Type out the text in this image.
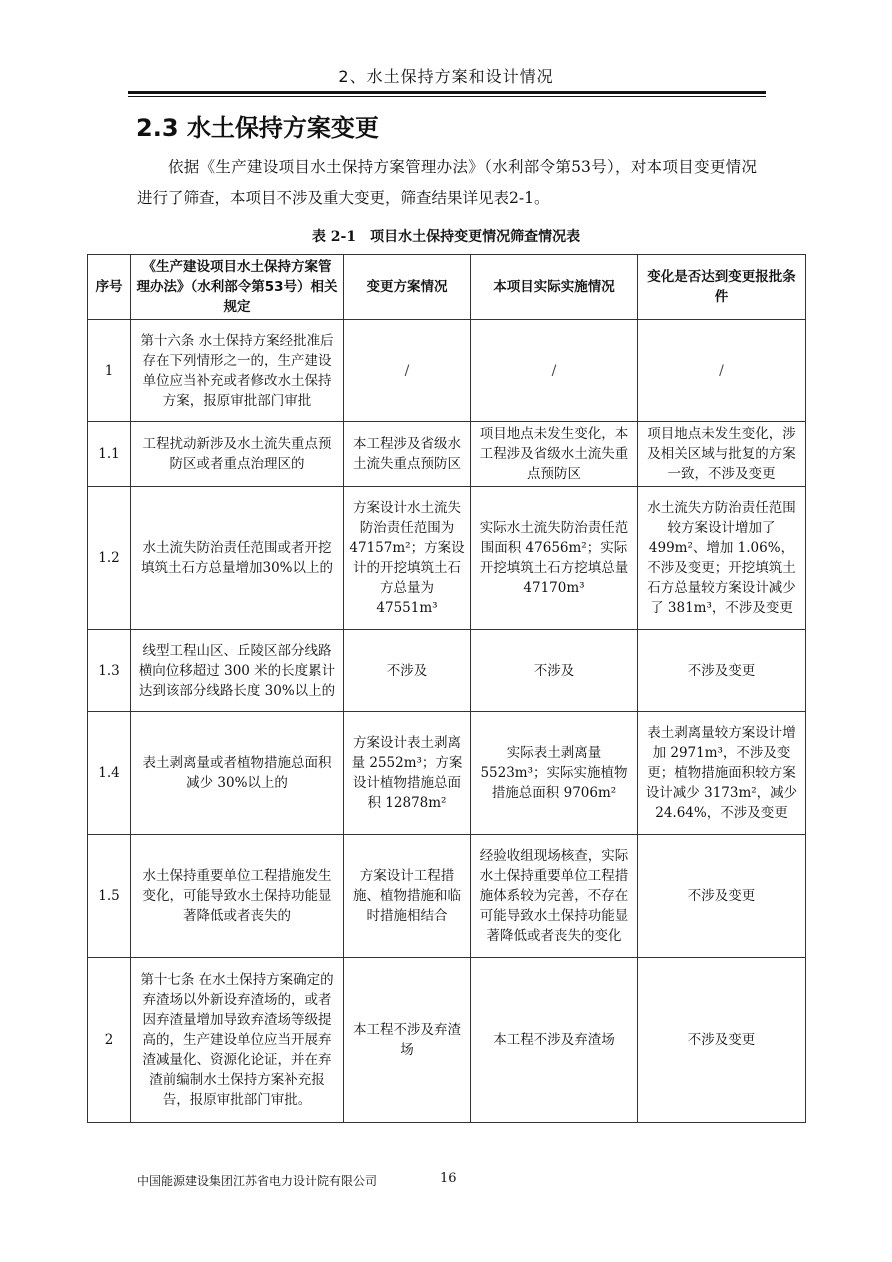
2、水土保持方案和设计情况
2.3 水土保持方案变更
依据《生产建设项目水土保持方案管理办法》（水利部令第53号），对本项目变更情况进行了筛查，本项目不涉及重大变更，筛查结果详见表2-1。
表 2-1　项目水土保持变更情况筛查情况表
序号	《生产建设项目水土保持方案管理办法》（水利部令第53号）相关规定	变更方案情况	本项目实际实施情况	变化是否达到变更报批条件
1	第十六条 水土保持方案经批准后存在下列情形之一的，生产建设单位应当补充或者修改水土保持方案，报原审批部门审批	/	/	/
1.1	工程扰动新涉及水土流失重点预防区或者重点治理区的	本工程涉及省级水土流失重点预防区	项目地点未发生变化，本工程涉及省级水土流失重点预防区	项目地点未发生变化，涉及相关区域与批复的方案一致，不涉及变更
1.2	水土流失防治责任范围或者开挖填筑土石方总量增加30%以上的	方案设计水土流失防治责任范围为 47157m²；方案设计的开挖填筑土石方总量为 47551m³	实际水土流失防治责任范围面积 47656m²；实际开挖填筑土石方挖填总量 47170m³	水土流失方防治责任范围较方案设计增加了 499m²、增加 1.06%，不涉及变更；开挖填筑土石方总量较方案设计减少了 381m³，不涉及变更
1.3	线型工程山区、丘陵区部分线路横向位移超过 300 米的长度累计达到该部分线路长度 30%以上的	不涉及	不涉及	不涉及变更
1.4	表土剥离量或者植物措施总面积减少 30%以上的	方案设计表土剥离量 2552m³；方案设计植物措施总面积 12878m²	实际表土剥离量 5523m³；实际实施植物措施总面积 9706m²	表土剥离量较方案设计增加 2971m³，不涉及变更；植物措施面积较方案设计减少 3173m²，减少 24.64%，不涉及变更
1.5	水土保持重要单位工程措施发生变化，可能导致水土保持功能显著降低或者丧失的	方案设计工程措施、植物措施和临时措施相结合	经验收组现场核查，实际水土保持重要单位工程措施体系较为完善，不存在可能导致水土保持功能显著降低或者丧失的变化	不涉及变更
2	第十七条 在水土保持方案确定的弃渣场以外新设弃渣场的，或者因弃渣量增加导致弃渣场等级提高的，生产建设单位应当开展弃渣减量化、资源化论证，并在弃渣前编制水土保持方案补充报告，报原审批部门审批。	本工程不涉及弃渣场	本工程不涉及弃渣场	不涉及变更
中国能源建设集团江苏省电力设计院有限公司	16
